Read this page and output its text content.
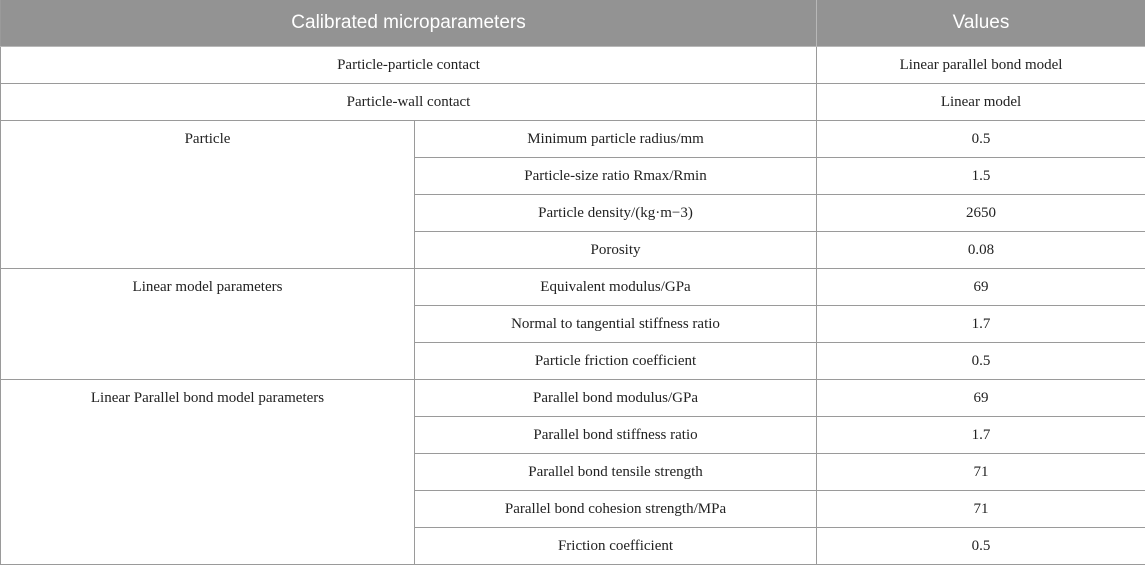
Calibrated microparameters		Values
Particle-particle contact		Linear parallel bond model
Particle-wall contact		Linear model
Particle	Minimum particle radius/mm	0.5
	Particle-size ratio Rmax/Rmin	1.5
	Particle density/(kg·m−3)	2650
	Porosity	0.08
Linear model parameters	Equivalent modulus/GPa	69
	Normal to tangential stiffness ratio	1.7
	Particle friction coefficient	0.5
Linear Parallel bond model parameters	Parallel bond modulus/GPa	69
	Parallel bond stiffness ratio	1.7
	Parallel bond tensile strength	71
	Parallel bond cohesion strength/MPa	71
	Friction coefficient	0.5
